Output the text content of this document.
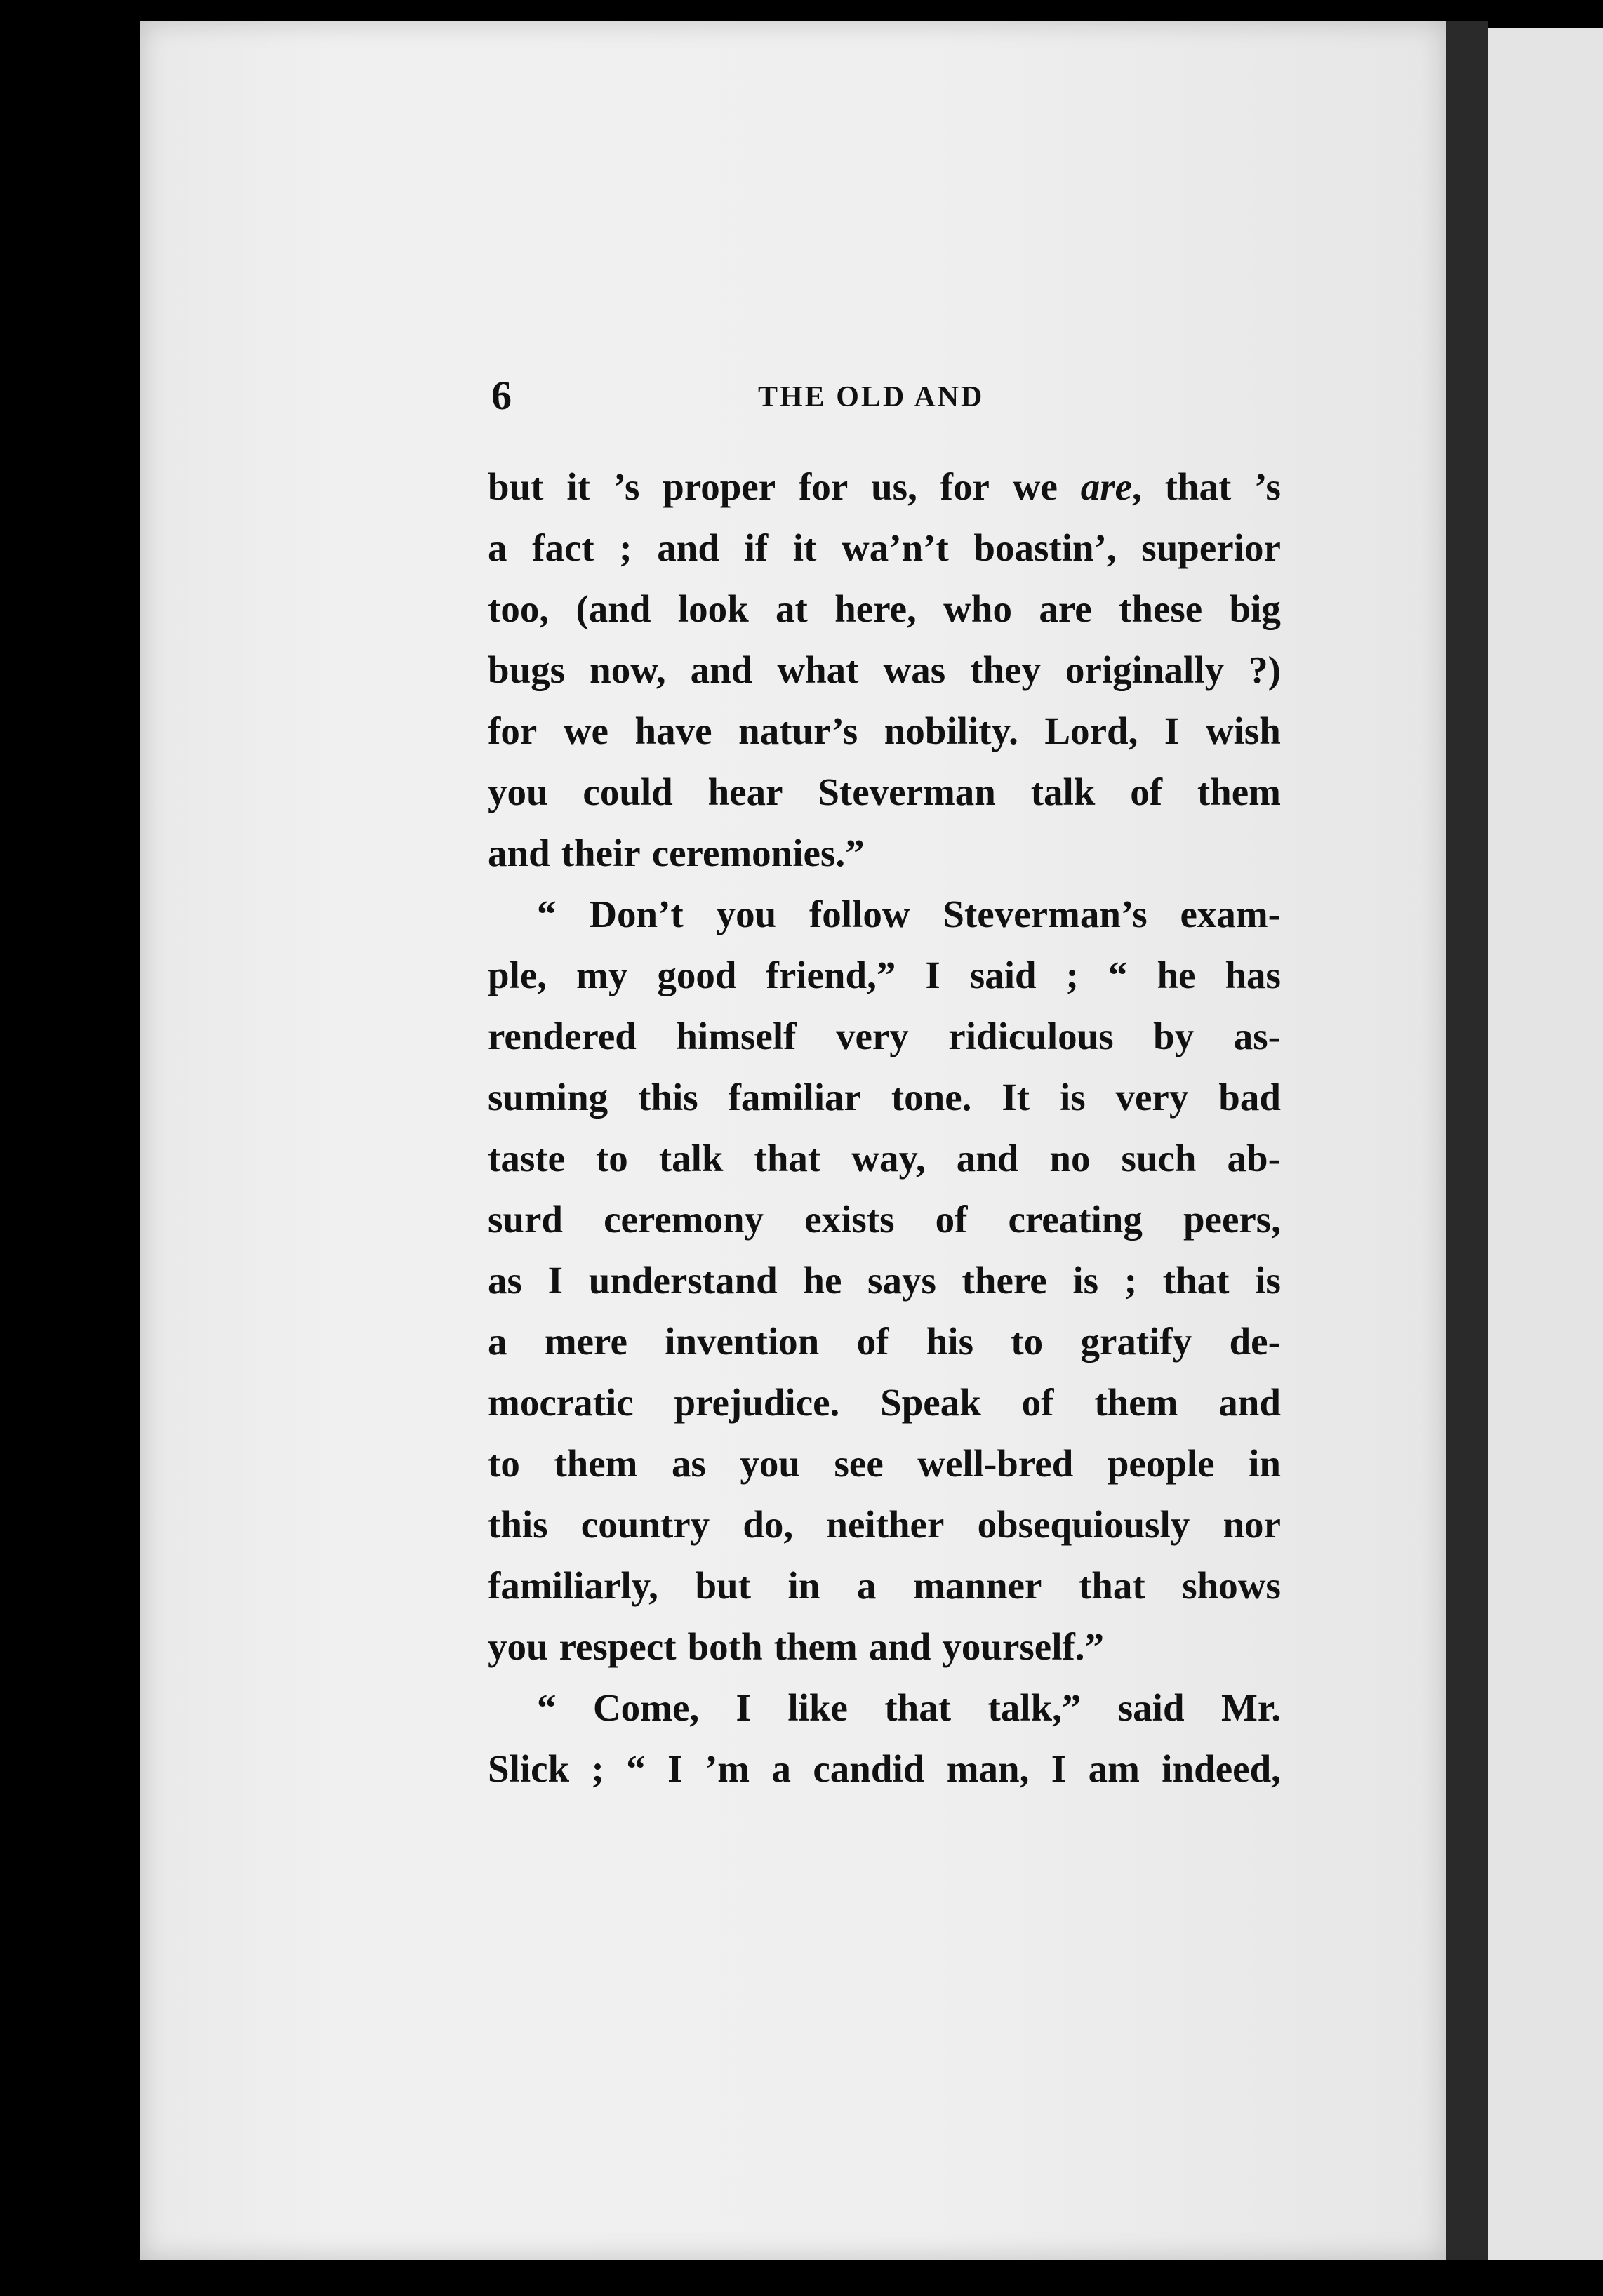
6	THE OLD AND
but it ’s proper for us, for we are, that ’s
a fact ; and if it wa’n’t boastin’, superior
too, (and look at here, who are these big
bugs now, and what was they originally ?)
for we have natur’s nobility. Lord, I wish
you could hear Steverman talk of them
and their ceremonies.”
“ Don’t you follow Steverman’s exam-
ple, my good friend,” I said ; “ he has
rendered himself very ridiculous by as-
suming this familiar tone. It is very bad
taste to talk that way, and no such ab-
surd ceremony exists of creating peers,
as I understand he says there is ; that is
a mere invention of his to gratify de-
mocratic prejudice. Speak of them and
to them as you see well-bred people in
this country do, neither obsequiously nor
familiarly, but in a manner that shows
you respect both them and yourself.”
“ Come, I like that talk,” said Mr.
Slick ; “ I ’m a candid man, I am indeed,
